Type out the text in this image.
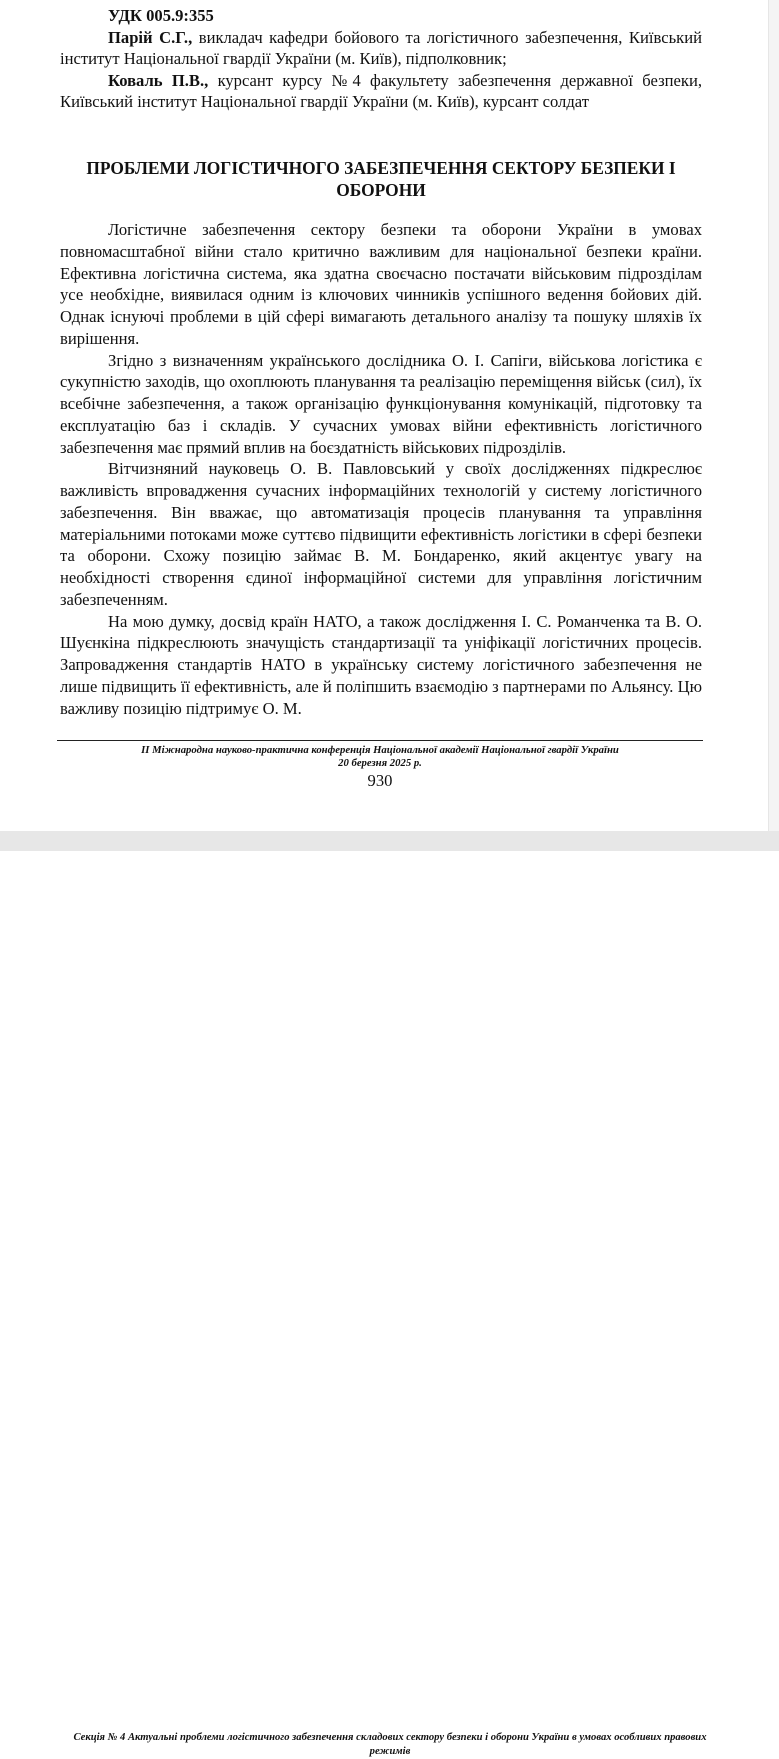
УДК 005.9:355

Парій С.Г., викладач кафедри бойового та логістичного забезпечення, Київський інститут Національної гвардії України (м. Київ), підполковник;

Коваль П.В., курсант курсу №4 факультету забезпечення державної безпеки, Київський інститут Національної гвардії України (м. Київ), курсант солдат

ПРОБЛЕМИ ЛОГІСТИЧНОГО ЗАБЕЗПЕЧЕННЯ СЕКТОРУ БЕЗПЕКИ І
ОБОРОНИ

Логістичне забезпечення сектору безпеки та оборони України в умовах повномасштабної війни стало критично важливим для національної безпеки країни. Ефективна логістична система, яка здатна своєчасно постачати військовим підрозділам усе необхідне, виявилася одним із ключових чинників успішного ведення бойових дій. Однак існуючі проблеми в цій сфері вимагають детального аналізу та пошуку шляхів їх вирішення.

Згідно з визначенням українського дослідника О. І. Сапіги, військова логістика є сукупністю заходів, що охоплюють планування та реалізацію переміщення військ (сил), їх всебічне забезпечення, а також організацію функціонування комунікацій, підготовку та експлуатацію баз і складів. У сучасних умовах війни ефективність логістичного забезпечення має прямий вплив на боєздатність військових підрозділів.

Вітчизняний науковець О. В. Павловський у своїх дослідженнях підкреслює важливість впровадження сучасних інформаційних технологій у систему логістичного забезпечення. Він вважає, що автоматизація процесів планування та управління матеріальними потоками може суттєво підвищити ефективність логістики в сфері безпеки та оборони. Схожу позицію займає В. М. Бондаренко, який акцентує увагу на необхідності створення єдиної інформаційної системи для управління логістичним забезпеченням.

На мою думку, досвід країн НАТО, а також дослідження І. С. Романченка та В. О. Шуєнкіна підкреслюють значущість стандартизації та уніфікації логістичних процесів. Запровадження стандартів НАТО в українську систему логістичного забезпечення не лише підвищить її ефективність, але й поліпшить взаємодію з партнерами по Альянсу. Цю важливу позицію підтримує О. М.

ІІ Міжнародна науково-практична конференція Національної академії Національної гвардії України
20 березня 2025 р.
930
Секція № 4 Актуальні проблеми логістичного забезпечення складових сектору безпеки і оборони України в умовах особливих правових режимів
